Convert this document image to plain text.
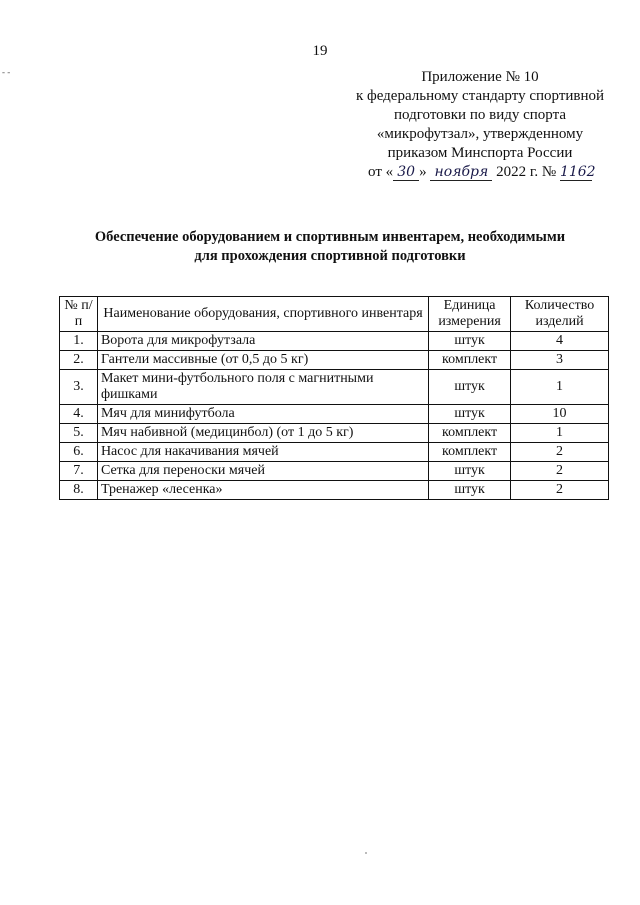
- -
19
Приложение № 10
к федеральному стандарту спортивной
подготовки по виду спорта
«микрофутзал», утвержденному
приказом Минспорта России
от « 30 » ноября 2022 г. № 1162
Обеспечение оборудованием и спортивным инвентарем, необходимыми
для прохождения спортивной подготовки
№ п/п	Наименование оборудования, спортивного инвентаря	Единица измерения	Количество изделий
1.	Ворота для микрофутзала	штук	4
2.	Гантели массивные (от 0,5 до 5 кг)	комплект	3
3.	Макет мини-футбольного поля с магнитными фишками	штук	1
4.	Мяч для минифутбола	штук	10
5.	Мяч набивной (медицинбол) (от 1 до 5 кг)	комплект	1
6.	Насос для накачивания мячей	комплект	2
7.	Сетка для переноски мячей	штук	2
8.	Тренажер «лесенка»	штук	2
